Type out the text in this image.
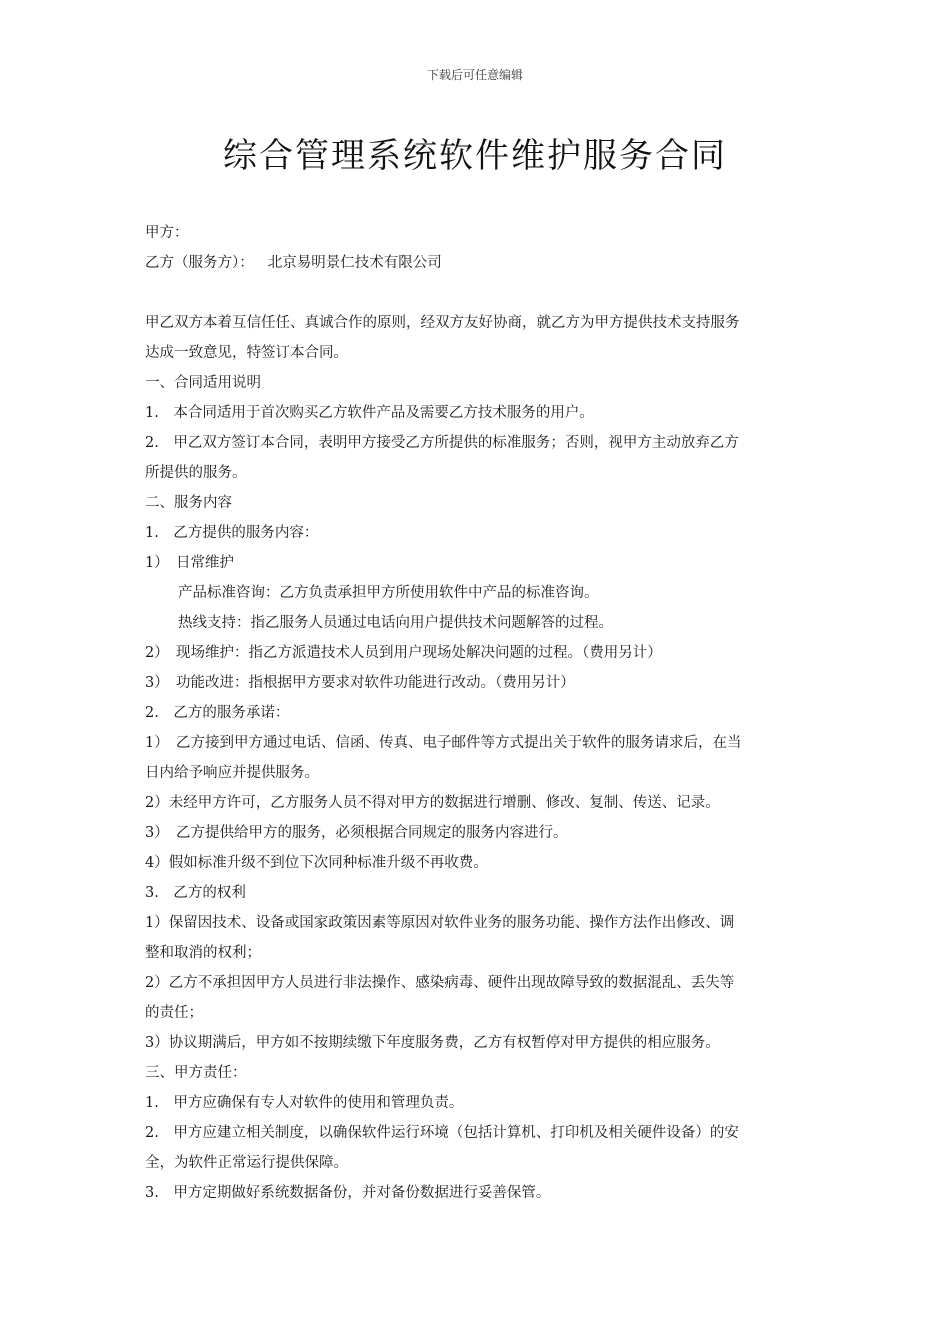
下载后可任意编辑
综合管理系统软件维护服务合同
甲方：
乙方（服务方）： 北京易明景仁技术有限公司
甲乙双方本着互信任任、真诚合作的原则，经双方友好协商，就乙方为甲方提供技术支持服务
达成一致意见，特签订本合同。
一、合同适用说明
1.　本合同适用于首次购买乙方软件产品及需要乙方技术服务的用户。
2.　甲乙双方签订本合同，表明甲方接受乙方所提供的标准服务；否则，视甲方主动放弃乙方
所提供的服务。
二、服务内容
1.　乙方提供的服务内容：
1）　日常维护
产品标准咨询：乙方负责承担甲方所使用软件中产品的标准咨询。
热线支持：指乙服务人员通过电话向用户提供技术问题解答的过程。
2）　现场维护：指乙方派遣技术人员到用户现场处解决问题的过程。（费用另计）
3）　功能改进：指根据甲方要求对软件功能进行改动。（费用另计）
2.　乙方的服务承诺：
1）　乙方接到甲方通过电话、信函、传真、电子邮件等方式提出关于软件的服务请求后，在当
日内给予响应并提供服务。
2）未经甲方许可，乙方服务人员不得对甲方的数据进行增删、修改、复制、传送、记录。
3）　乙方提供给甲方的服务，必须根据合同规定的服务内容进行。
4）假如标准升级不到位下次同种标准升级不再收费。
3.　乙方的权利
1）保留因技术、设备或国家政策因素等原因对软件业务的服务功能、操作方法作出修改、调
整和取消的权利；
2）乙方不承担因甲方人员进行非法操作、感染病毒、硬件出现故障导致的数据混乱、丢失等
的责任；
3）协议期满后，甲方如不按期续缴下年度服务费，乙方有权暂停对甲方提供的相应服务。
三、甲方责任：
1.　甲方应确保有专人对软件的使用和管理负责。
2.　甲方应建立相关制度，以确保软件运行环境（包括计算机、打印机及相关硬件设备）的安
全，为软件正常运行提供保障。
3.　甲方定期做好系统数据备份，并对备份数据进行妥善保管。
